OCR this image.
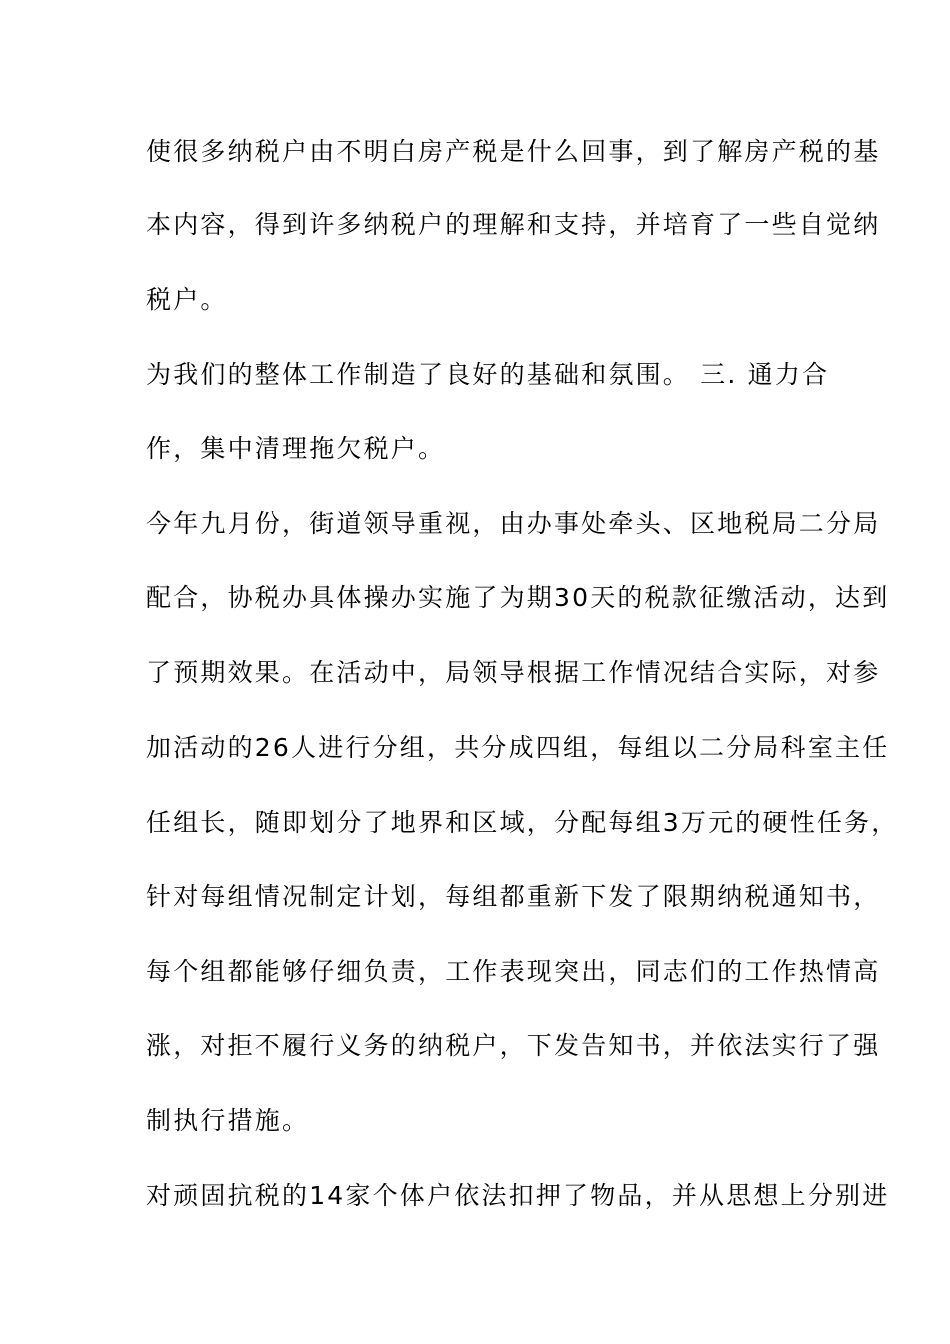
使很多纳税户由不明白房产税是什么回事，到了解房产税的基

本内容，得到许多纳税户的理解和支持，并培育了一些自觉纳

税户。

为我们的整体工作制造了良好的基础和氛围。 三. 通力合

作，集中清理拖欠税户。

今年九月份，街道领导重视，由办事处牵头、区地税局二分局

配合，协税办具体操办实施了为期30天的税款征缴活动，达到

了预期效果。在活动中，局领导根据工作情况结合实际，对参

加活动的26人进行分组，共分成四组，每组以二分局科室主任

任组长，随即划分了地界和区域，分配每组3万元的硬性任务，

针对每组情况制定计划，每组都重新下发了限期纳税通知书，

每个组都能够仔细负责，工作表现突出，同志们的工作热情高

涨，对拒不履行义务的纳税户，下发告知书，并依法实行了强

制执行措施。

对顽固抗税的14家个体户依法扣押了物品，并从思想上分别进
